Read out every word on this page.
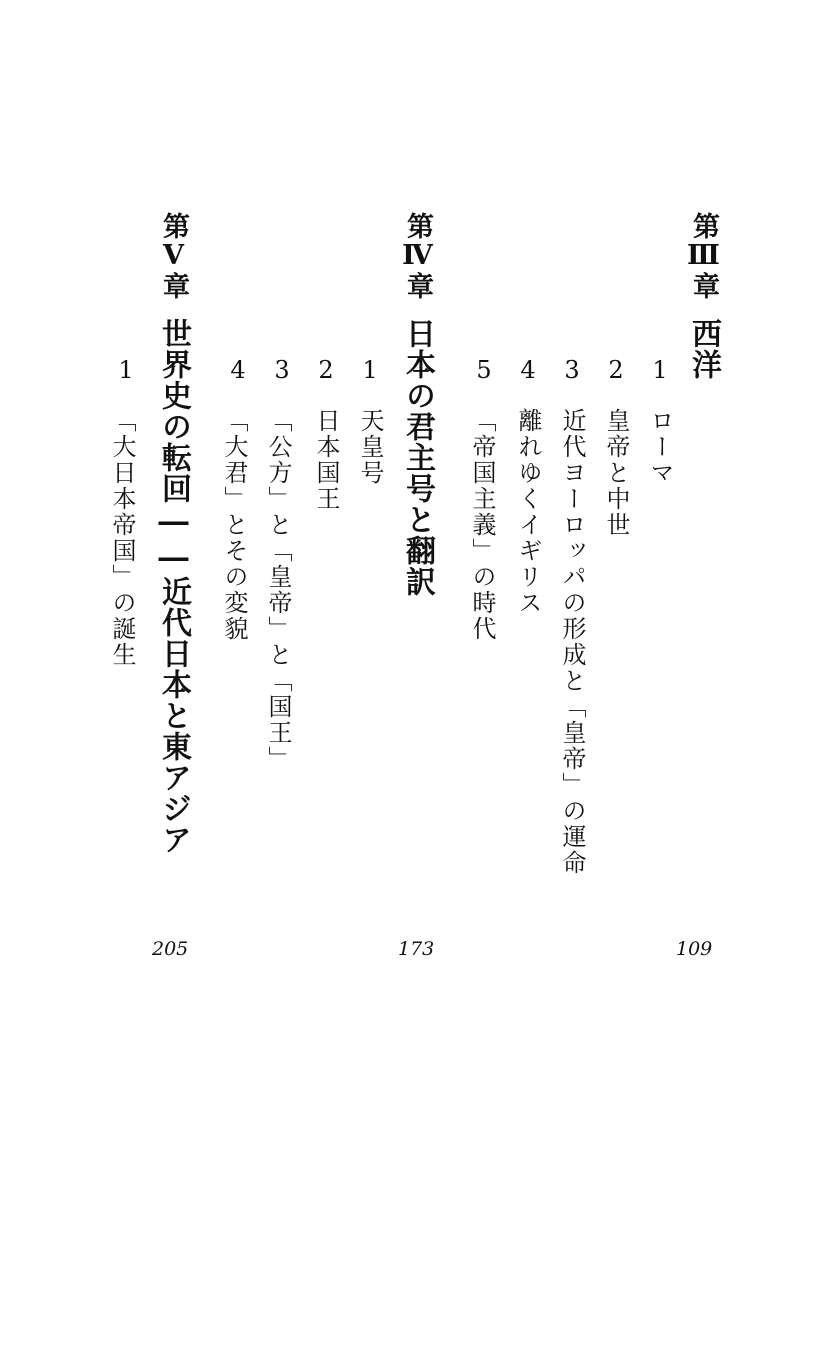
第Ⅲ章
西洋
109
1
ローマ
2
皇帝と中世
3
近代ヨーロッパの形成と「皇帝」の運命
4
離れゆくイギリス
5
「帝国主義」の時代
第Ⅳ章
日本の君主号と翻訳
173
1
天皇号
2
日本国王
3
「公方」と「皇帝」と「国王」
4
「大君」とその変貌
第Ⅴ章
世界史の転回――近代日本と東アジア
205
1
「大日本帝国」の誕生
